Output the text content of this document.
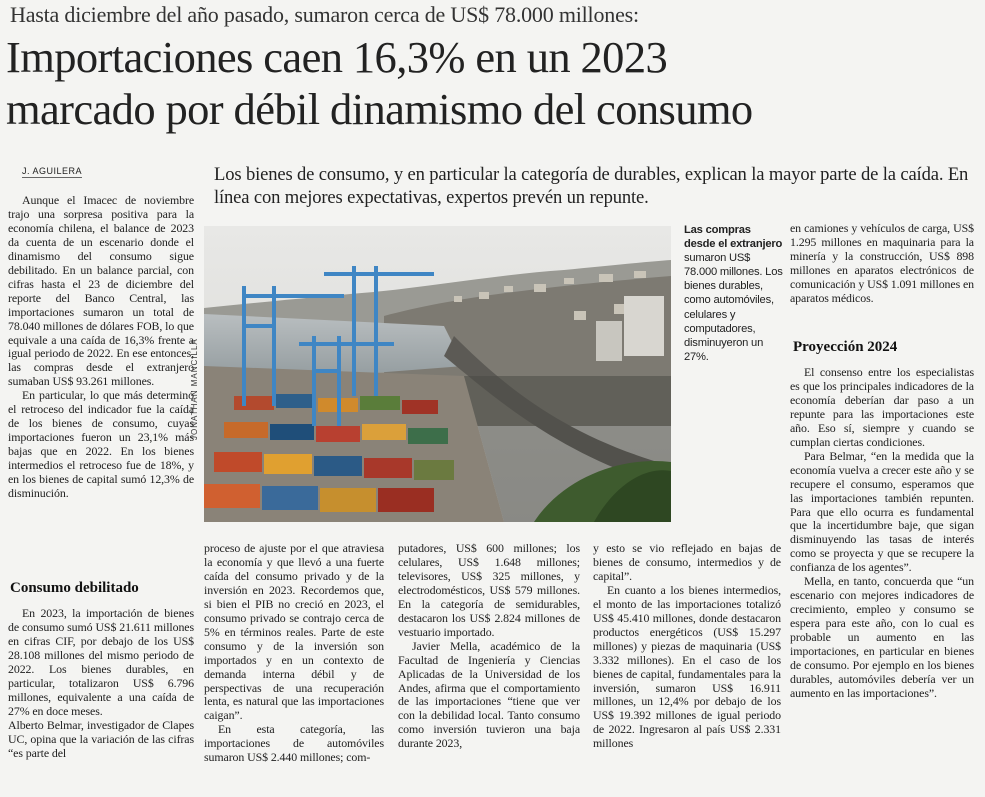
Hasta diciembre del año pasado, sumaron cerca de US$ 78.000 millones:
Importaciones caen 16,3% en un 2023
marcado por débil dinamismo del consumo
J. AGUILERA	Los bienes de consumo, y en particular la categoría de durables, explican la mayor parte de la caída. En línea con mejores expectativas, expertos prevén un repunte.

Aunque el Imacec de noviembre trajo una sorpresa positiva para la economía chilena, el balance de 2023 da cuenta de un escenario donde el dinamismo del consumo sigue debilitado. En un balance parcial, con cifras hasta el 23 de diciembre del reporte del Banco Central, las importaciones sumaron un total de 78.040 millones de dólares FOB, lo que equivale a una caída de 16,3% frente a igual periodo de 2022. En ese entonces, las compras desde el extranjero sumaban US$ 93.261 millones.

En particular, lo que más determinó el retroceso del indicador fue la caída de los bienes de consumo, cuyas importaciones fueron un 23,1% más bajas que en 2022. En los bienes intermedios el retroceso fue de 18%, y en los bienes de capital sumó 12,3% de disminución.

Consumo debilitado

En 2023, la importación de bienes de consumo sumó US$ 21.611 millones en cifras CIF, por debajo de los US$ 28.108 millones del mismo periodo de 2022. Los bienes durables, en particular, totalizaron US$ 6.796 millones, equivalente a una caída de 27% en doce meses.

Alberto Belmar, investigador de Clapes UC, opina que la variación de las cifras “es parte del

JONATHAN MANCILLA
Las compras desde el extranjero
sumaron US$ 78.000 millones. Los bienes durables, como automóviles, celulares y computadores, disminuyeron un 27%.

proceso de ajuste por el que atraviesa la economía y que llevó a una fuerte caída del consumo privado y de la inversión en 2023. Recordemos que, si bien el PIB no creció en 2023, el consumo privado se contrajo cerca de 5% en términos reales. Parte de este consumo y de la inversión son importados y en un contexto de demanda interna débil y de perspectivas de una recuperación lenta, es natural que las importaciones caigan”.

En esta categoría, las importaciones de automóviles sumaron US$ 2.440 millones; com-

putadores, US$ 600 millones; los celulares, US$ 1.648 millones; televisores, US$ 325 millones, y electrodomésticos, US$ 579 millones. En la categoría de semidurables, destacaron los US$ 2.824 millones de vestuario importado.

Javier Mella, académico de la Facultad de Ingeniería y Ciencias Aplicadas de la Universidad de los Andes, afirma que el comportamiento de las importaciones “tiene que ver con la debilidad local. Tanto consumo como inversión tuvieron una baja durante 2023,

y esto se vio reflejado en bajas de bienes de consumo, intermedios y de capital”.

En cuanto a los bienes intermedios, el monto de las importaciones totalizó US$ 45.410 millones, donde destacaron productos energéticos (US$ 15.297 millones) y piezas de maquinaria (US$ 3.332 millones). En el caso de los bienes de capital, fundamentales para la inversión, sumaron US$ 16.911 millones, un 12,4% por debajo de los US$ 19.392 millones de igual periodo de 2022. Ingresaron al país US$ 2.331 millones

en camiones y vehículos de carga, US$ 1.295 millones en maquinaria para la minería y la construcción, US$ 898 millones en aparatos electrónicos de comunicación y US$ 1.091 millones en aparatos médicos.

Proyección 2024

El consenso entre los especialistas es que los principales indicadores de la economía deberían dar paso a un repunte para las importaciones este año. Eso sí, siempre y cuando se cumplan ciertas condiciones.

Para Belmar, “en la medida que la economía vuelva a crecer este año y se recupere el consumo, esperamos que las importaciones también repunten. Para que ello ocurra es fundamental que la incertidumbre baje, que sigan disminuyendo las tasas de interés como se proyecta y que se recupere la confianza de los agentes”.

Mella, en tanto, concuerda que “un escenario con mejores indicadores de crecimiento, empleo y consumo se espera para este año, con lo cual es probable un aumento en las importaciones, en particular en bienes de consumo. Por ejemplo en los bienes durables, automóviles debería ver un aumento en las importaciones”.
